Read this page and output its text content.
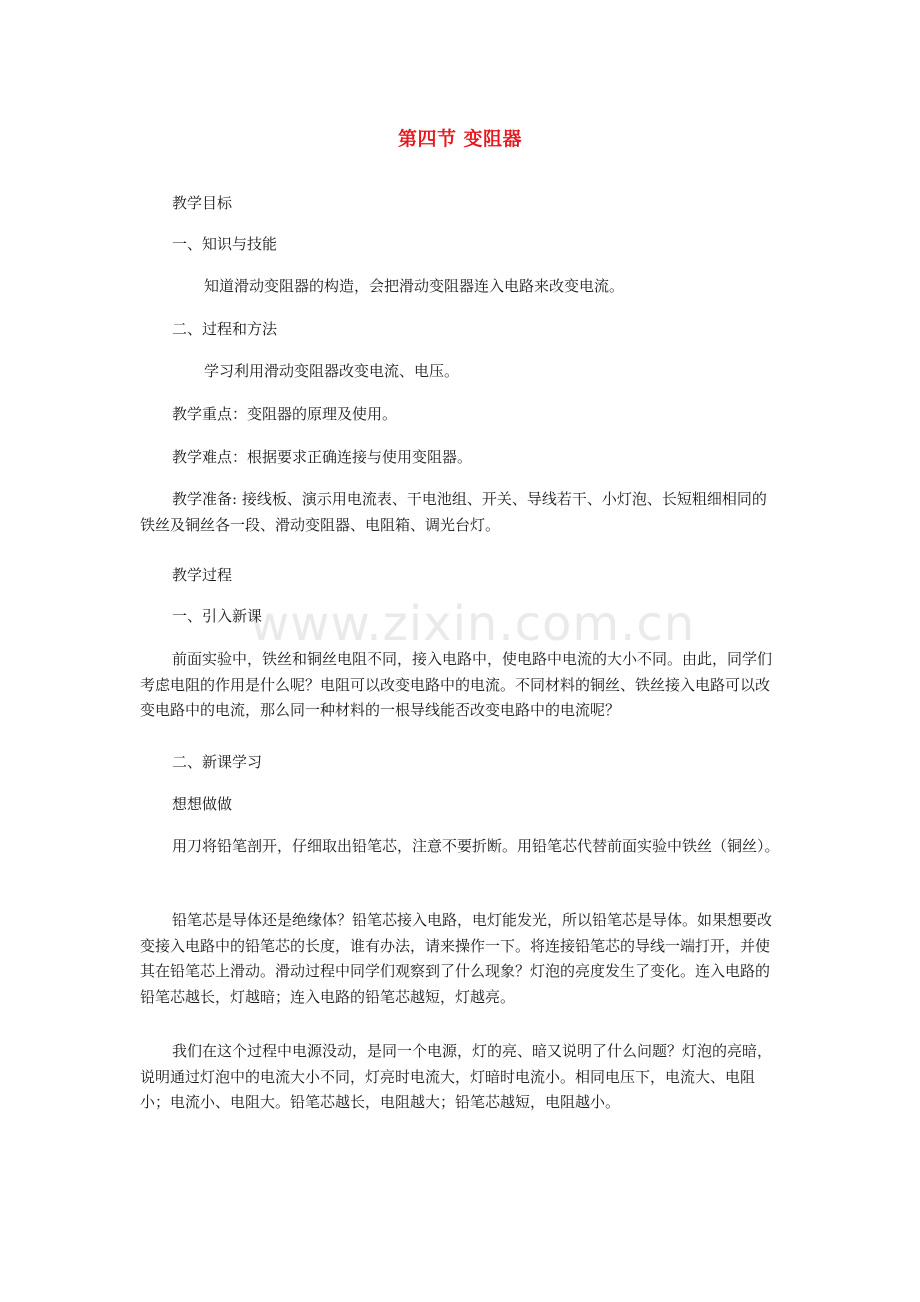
www.zixin.com.cn
第四节 变阻器

教学目标

一、知识与技能

知道滑动变阻器的构造，会把滑动变阻器连入电路来改变电流。

二、过程和方法

学习利用滑动变阻器改变电流、电压。

教学重点：变阻器的原理及使用。

教学难点：根据要求正确连接与使用变阻器。

教学准备: 接线板、演示用电流表、干电池组、开关、导线若干、小灯泡、长短粗细相同的铁丝及铜丝各一段、滑动变阻器、电阻箱、调光台灯。

教学过程

一、引入新课

前面实验中，铁丝和铜丝电阻不同，接入电路中，使电路中电流的大小不同。由此，同学们考虑电阻的作用是什么呢？电阻可以改变电路中的电流。不同材料的铜丝、铁丝接入电路可以改变电路中的电流，那么同一种材料的一根导线能否改变电路中的电流呢？

二、新课学习

想想做做

用刀将铅笔剖开，仔细取出铅笔芯，注意不要折断。用铅笔芯代替前面实验中铁丝（铜丝）。

铅笔芯是导体还是绝缘体？铅笔芯接入电路，电灯能发光，所以铅笔芯是导体。如果想要改变接入电路中的铅笔芯的长度，谁有办法，请来操作一下。将连接铅笔芯的导线一端打开，并使其在铅笔芯上滑动。滑动过程中同学们观察到了什么现象？灯泡的亮度发生了变化。连入电路的铅笔芯越长，灯越暗；连入电路的铅笔芯越短，灯越亮。

我们在这个过程中电源没动，是同一个电源，灯的亮、暗又说明了什么问题？灯泡的亮暗，说明通过灯泡中的电流大小不同，灯亮时电流大，灯暗时电流小。相同电压下，电流大、电阻小；电流小、电阻大。铅笔芯越长，电阻越大；铅笔芯越短，电阻越小。
